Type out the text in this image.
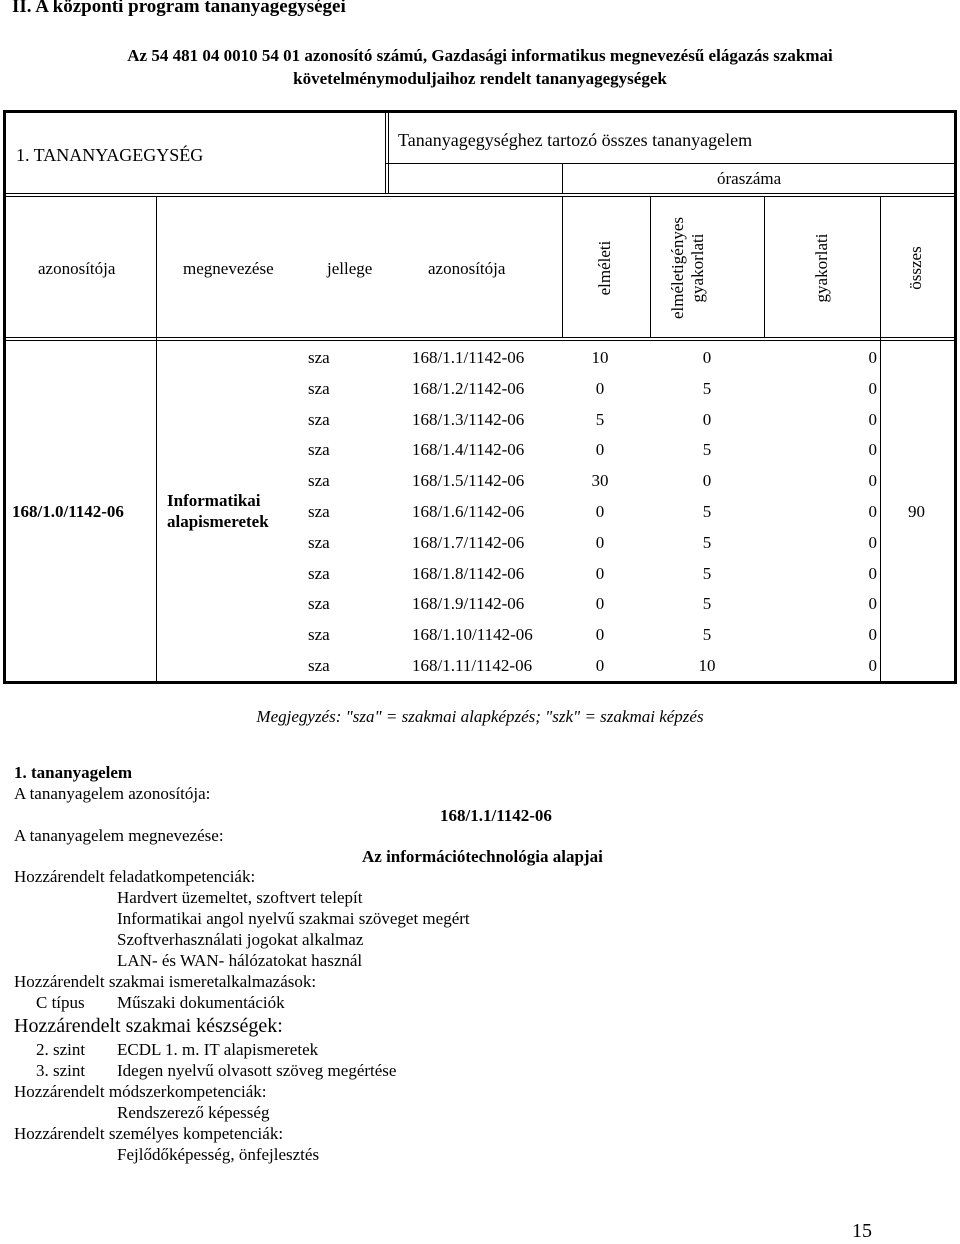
II. A központi program tananyagegységei
Az 54 481 04 0010 54 01 azonosító számú, Gazdasági informatikus megnevezésű elágazás szakmai
követelménymoduljaihoz rendelt tananyagegységek
1. TANANYAGEGYSÉG
Tananyagegységhez tartozó összes tananyagelem
óraszáma
azonosítója	megnevezése	jellege	azonosítója	elméleti	elméletigényes gyakorlati	gyakorlati	összes
168/1.0/1142-06
Informatikai
alapismeretek
90
sza	168/1.1/1142-06	10	0	0
sza	168/1.2/1142-06	0	5	0
sza	168/1.3/1142-06	5	0	0
sza	168/1.4/1142-06	0	5	0
sza	168/1.5/1142-06	30	0	0
sza	168/1.6/1142-06	0	5	0
sza	168/1.7/1142-06	0	5	0
sza	168/1.8/1142-06	0	5	0
sza	168/1.9/1142-06	0	5	0
sza	168/1.10/1142-06	0	5	0
sza	168/1.11/1142-06	0	10	0
Megjegyzés: "sza" = szakmai alapképzés; "szk" = szakmai képzés
1. tananyagelem
A tananyagelem azonosítója:
168/1.1/1142-06
A tananyagelem megnevezése:
Az információtechnológia alapjai
Hozzárendelt feladatkompetenciák:
Hardvert üzemeltet, szoftvert telepít
Informatikai angol nyelvű szakmai szöveget megért
Szoftverhasználati jogokat alkalmaz
LAN- és WAN- hálózatokat használ
Hozzárendelt szakmai ismeretalkalmazások:
C típus Műszaki dokumentációk
Hozzárendelt szakmai készségek:
2. szint ECDL 1. m. IT alapismeretek
3. szint Idegen nyelvű olvasott szöveg megértése
Hozzárendelt módszerkompetenciák:
Rendszerező képesség
Hozzárendelt személyes kompetenciák:
Fejlődőképesség, önfejlesztés
15
